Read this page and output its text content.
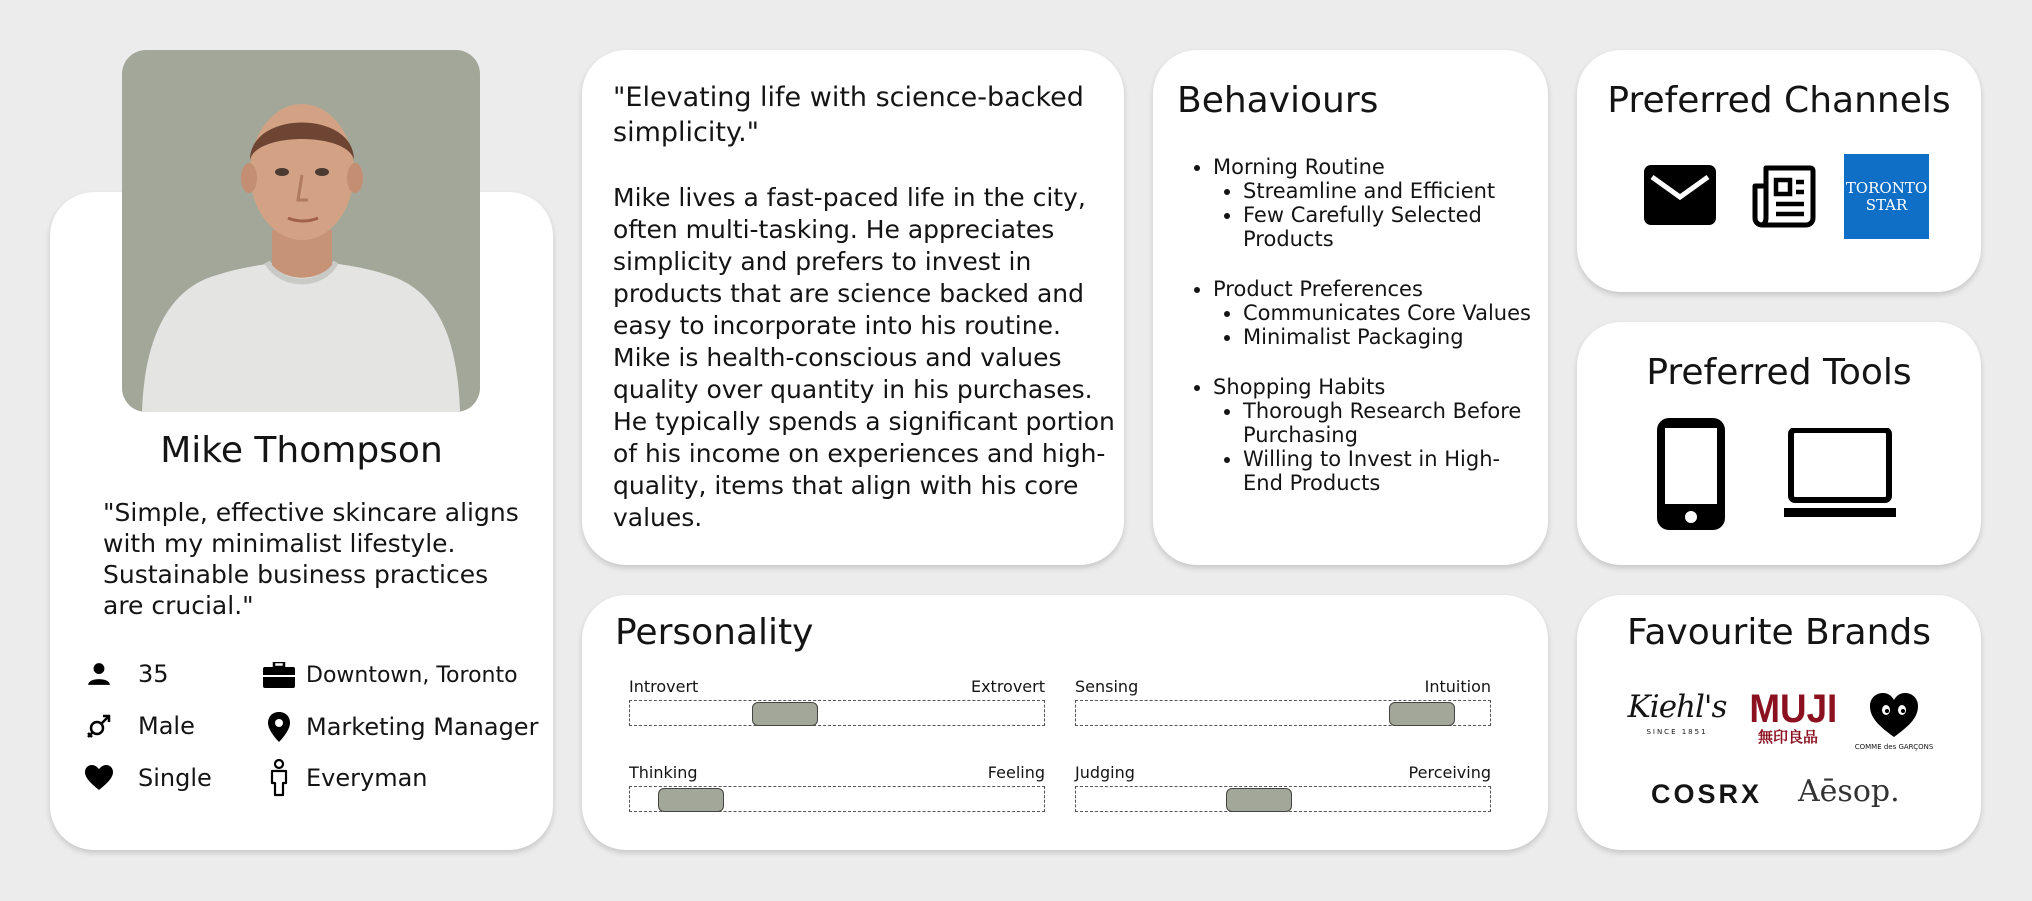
Mike Thompson
"Simple, effective skincare aligns with my minimalist lifestyle. Sustainable business practices are crucial."
35
Male
Single
Downtown, Toronto
Marketing Manager
Everyman
"Elevating life with science-backed simplicity."
Mike lives a fast-paced life in the city, often multi-tasking. He appreciates simplicity and prefers to invest in products that are science backed and easy to incorporate into his routine. Mike is health-conscious and values quality over quantity in his purchases. He typically spends a significant portion of his income on experiences and high-quality, items that align with his core values.
Behaviours
• Morning Routine
• Streamline and Efficient
• Few Carefully Selected Products
• Product Preferences
• Communicates Core Values
• Minimalist Packaging
• Shopping Habits
• Thorough Research Before Purchasing
• Willing to Invest in High-End Products
Preferred Channels
TORONTO
STAR
Preferred Tools
Personality
Introvert	Extrovert Sensing	Intuition
Thinking	Feeling Judging	Perceiving
Favourite Brands
Kiehl's
SINCE 1851
MUJI
無印良品
COMME des GARÇONS
COSRX Aēsop.
